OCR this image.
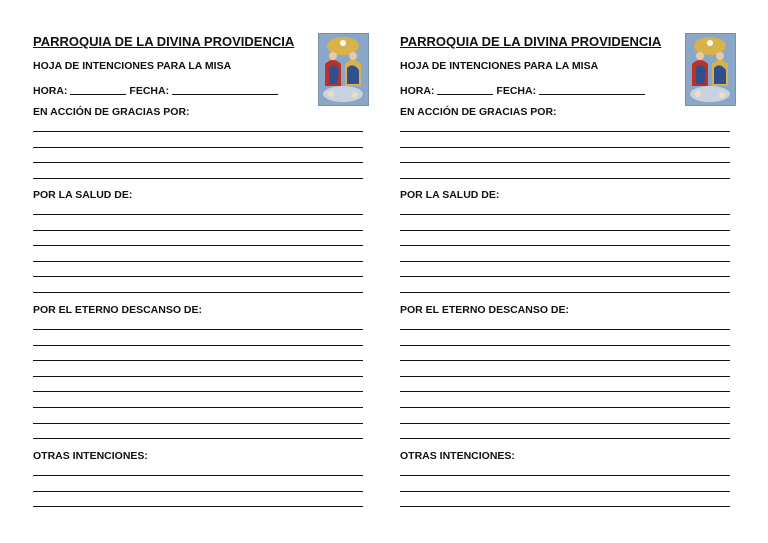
PARROQUIA DE LA DIVINA PROVIDENCIA
HOJA DE INTENCIONES PARA LA MISA
HORA:	FECHA:
EN ACCIÓN DE GRACIAS POR:
POR LA SALUD DE:
POR EL ETERNO DESCANSO DE:
OTRAS INTENCIONES:
PARROQUIA DE LA DIVINA PROVIDENCIA
HOJA DE INTENCIONES PARA LA MISA
HORA:	FECHA:
EN ACCIÓN DE GRACIAS POR:
POR LA SALUD DE:
POR EL ETERNO DESCANSO DE:
OTRAS INTENCIONES:
